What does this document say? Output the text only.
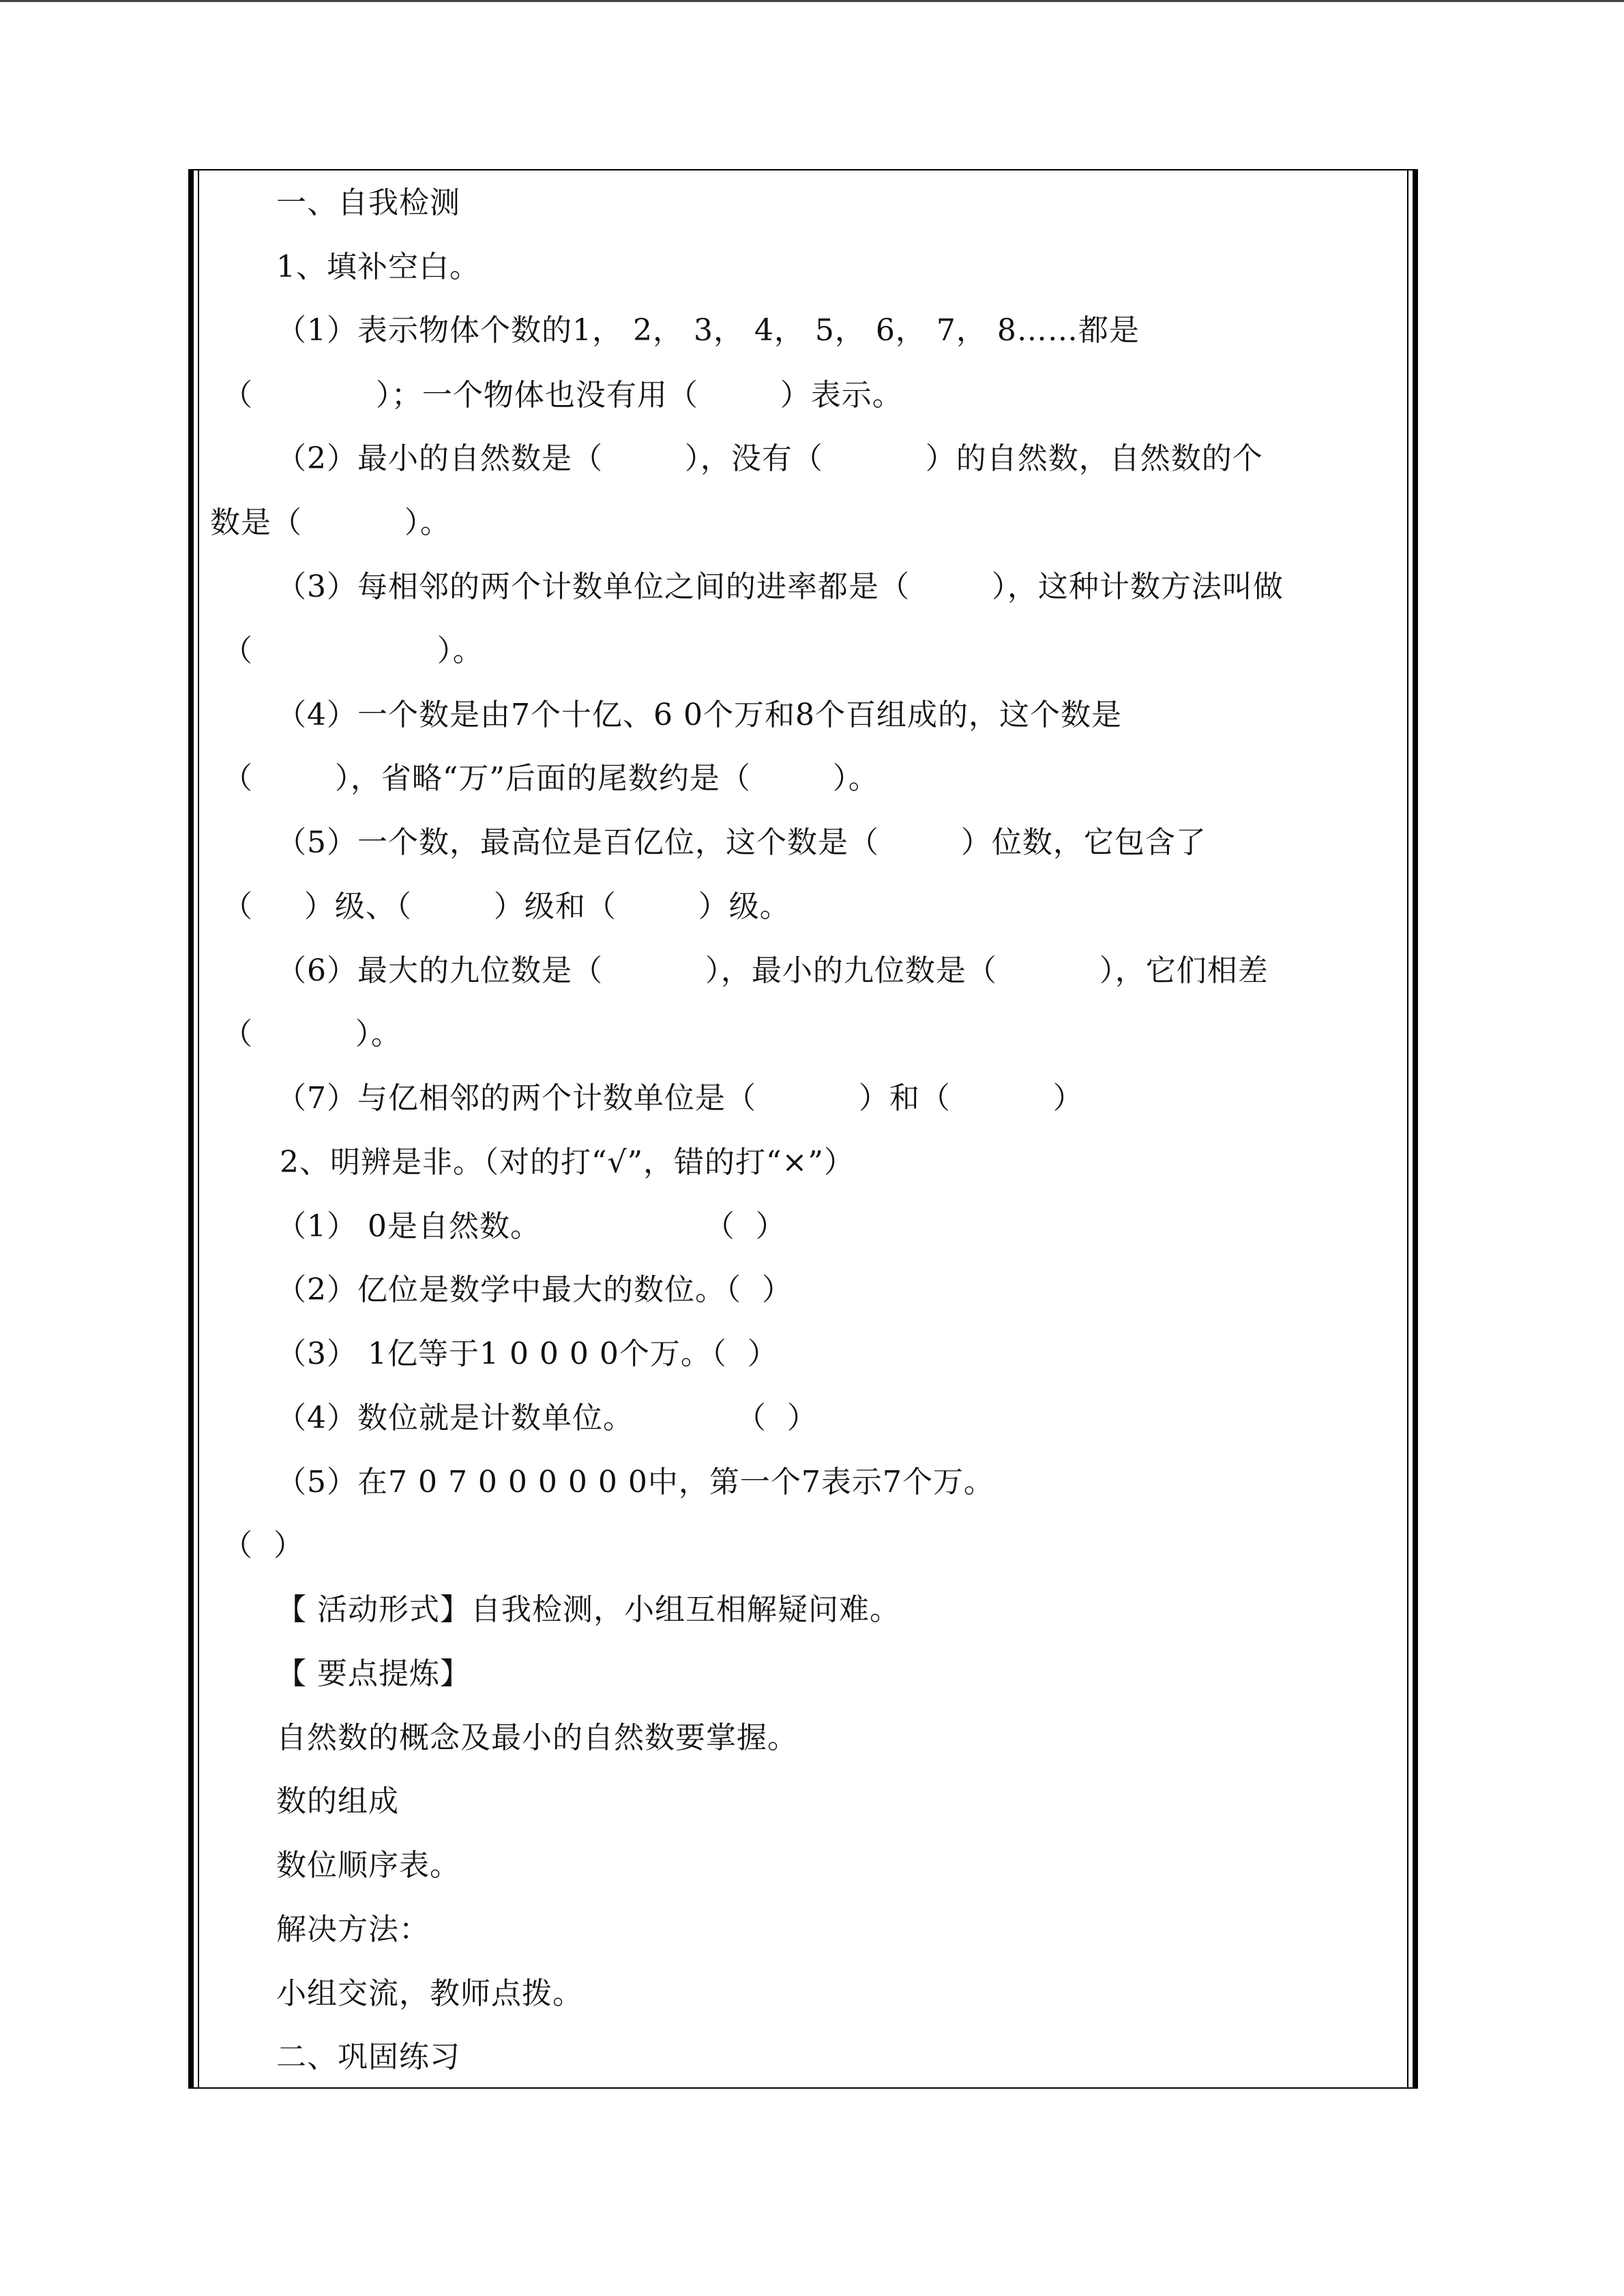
一、自我检测
1、填补空白。
（1）表示物体个数的1， 2， 3， 4， 5， 6， 7， 8……都是
（            ）；一个物体也没有用（        ）表示。
（2）最小的自然数是（        ），没有（          ）的自然数，自然数的个
数是（          ）。
（3）每相邻的两个计数单位之间的进率都是（        ），这种计数方法叫做
（                  ）。
（4）一个数是由7个十亿、6 0个万和8个百组成的，这个数是
（        ），省略“万”后面的尾数约是（        ）。
（5）一个数，最高位是百亿位，这个数是（        ）位数，它包含了
（     ）级、（        ）级和（        ）级。
（6）最大的九位数是（          ），最小的九位数是（          ），它们相差
（          ）。
（7）与亿相邻的两个计数单位是（          ）和（          ）
2、明辨是非。（对的打“√”，错的打“×”）
（1） 0是自然数。                （  ）
（2）亿位是数学中最大的数位。（  ）
（3） 1亿等于1 0 0 0 0个万。（  ）
（4）数位就是计数单位。          （  ）
（5）在7 0 7 0 0 0 0 0 0中，第一个7表示7个万。
（  ）
【 活动形式】自我检测，小组互相解疑问难。
【 要点提炼】
自然数的概念及最小的自然数要掌握。
数的组成
数位顺序表。
解决方法：
小组交流，教师点拨。
二、巩固练习
